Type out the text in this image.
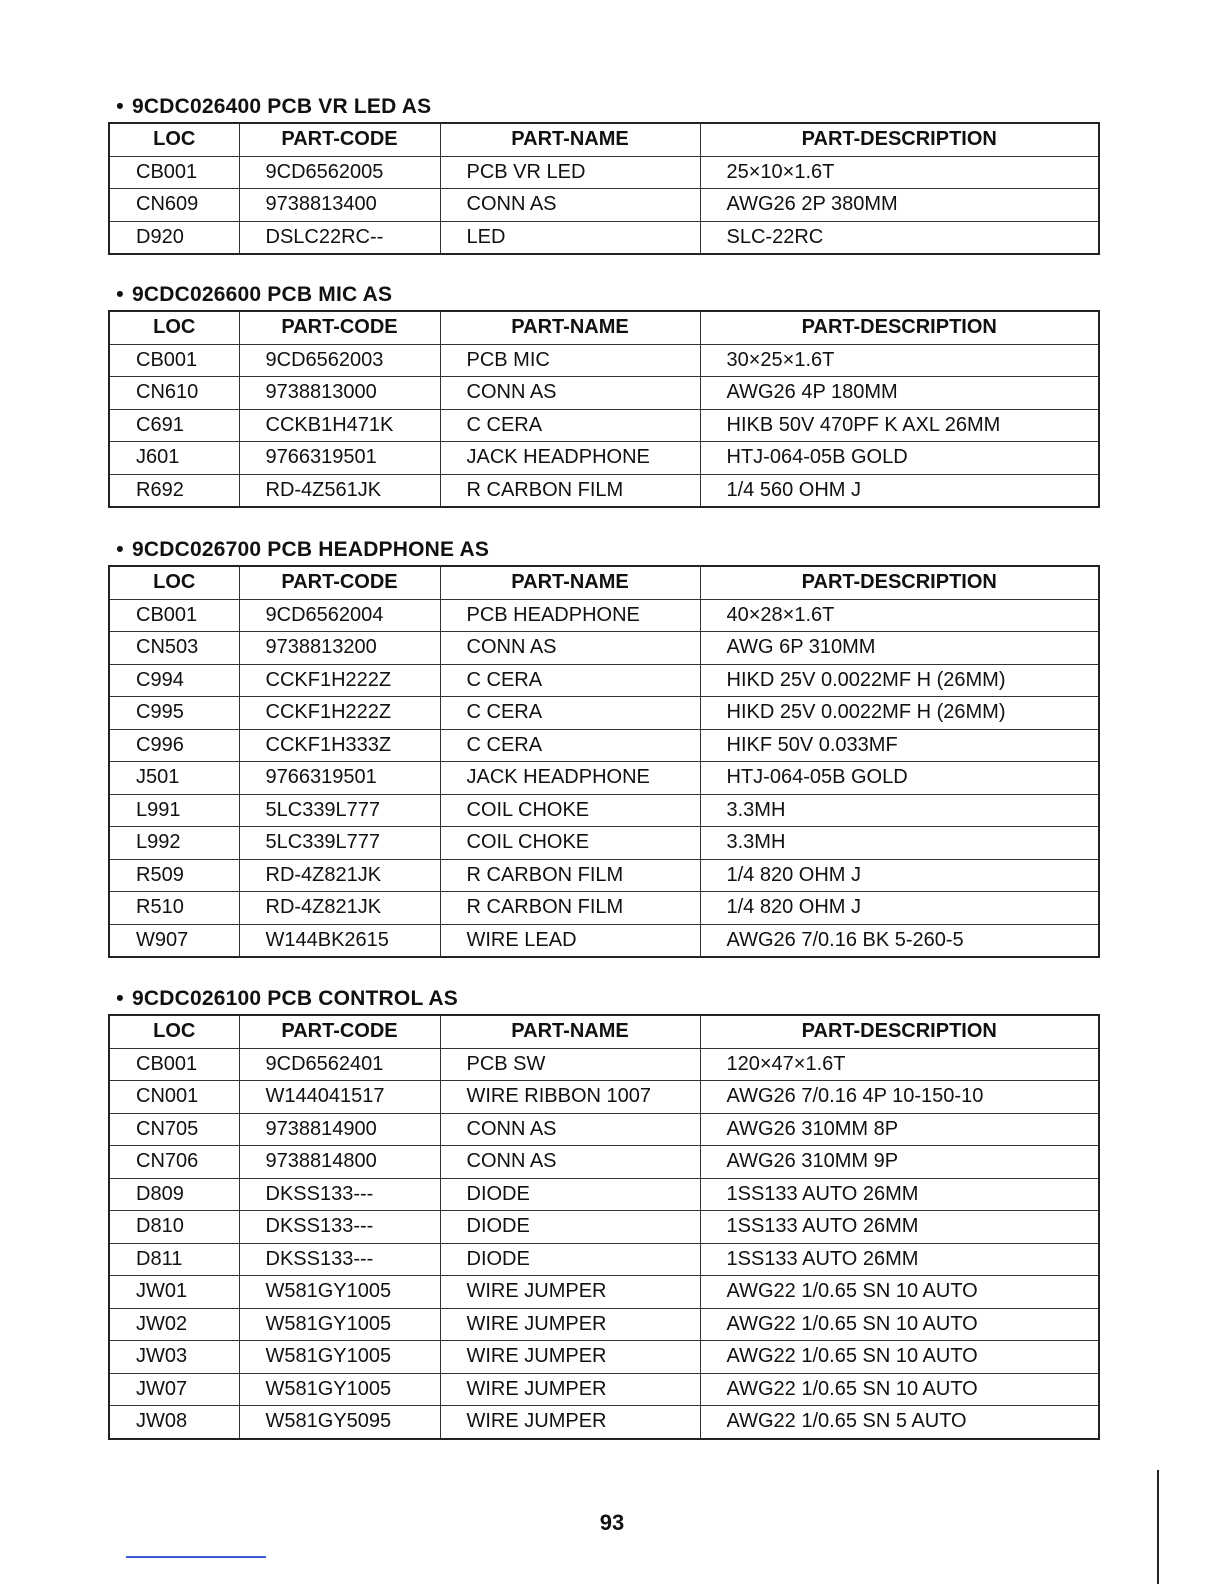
• 9CDC026400 PCB VR LED AS
LOC	PART-CODE	PART-NAME	PART-DESCRIPTION
CB001	9CD6562005	PCB VR LED	25×10×1.6T
CN609	9738813400	CONN AS	AWG26 2P 380MM
D920	DSLC22RC--	LED	SLC-22RC
• 9CDC026600 PCB MIC AS
LOC	PART-CODE	PART-NAME	PART-DESCRIPTION
CB001	9CD6562003	PCB MIC	30×25×1.6T
CN610	9738813000	CONN AS	AWG26 4P 180MM
C691	CCKB1H471K	C CERA	HIKB 50V 470PF K AXL 26MM
J601	9766319501	JACK HEADPHONE	HTJ-064-05B GOLD
R692	RD-4Z561JK	R CARBON FILM	1/4 560 OHM J
• 9CDC026700 PCB HEADPHONE AS
LOC	PART-CODE	PART-NAME	PART-DESCRIPTION
CB001	9CD6562004	PCB HEADPHONE	40×28×1.6T
CN503	9738813200	CONN AS	AWG 6P 310MM
C994	CCKF1H222Z	C CERA	HIKD 25V 0.0022MF H (26MM)
C995	CCKF1H222Z	C CERA	HIKD 25V 0.0022MF H (26MM)
C996	CCKF1H333Z	C CERA	HIKF 50V 0.033MF
J501	9766319501	JACK HEADPHONE	HTJ-064-05B GOLD
L991	5LC339L777	COIL CHOKE	3.3MH
L992	5LC339L777	COIL CHOKE	3.3MH
R509	RD-4Z821JK	R CARBON FILM	1/4 820 OHM J
R510	RD-4Z821JK	R CARBON FILM	1/4 820 OHM J
W907	W144BK2615	WIRE LEAD	AWG26 7/0.16 BK 5-260-5
• 9CDC026100 PCB CONTROL AS
LOC	PART-CODE	PART-NAME	PART-DESCRIPTION
CB001	9CD6562401	PCB SW	120×47×1.6T
CN001	W144041517	WIRE RIBBON 1007	AWG26 7/0.16 4P 10-150-10
CN705	9738814900	CONN AS	AWG26 310MM 8P
CN706	9738814800	CONN AS	AWG26 310MM 9P
D809	DKSS133---	DIODE	1SS133 AUTO 26MM
D810	DKSS133---	DIODE	1SS133 AUTO 26MM
D811	DKSS133---	DIODE	1SS133 AUTO 26MM
JW01	W581GY1005	WIRE JUMPER	AWG22 1/0.65 SN 10 AUTO
JW02	W581GY1005	WIRE JUMPER	AWG22 1/0.65 SN 10 AUTO
JW03	W581GY1005	WIRE JUMPER	AWG22 1/0.65 SN 10 AUTO
JW07	W581GY1005	WIRE JUMPER	AWG22 1/0.65 SN 10 AUTO
JW08	W581GY5095	WIRE JUMPER	AWG22 1/0.65 SN 5 AUTO
93
